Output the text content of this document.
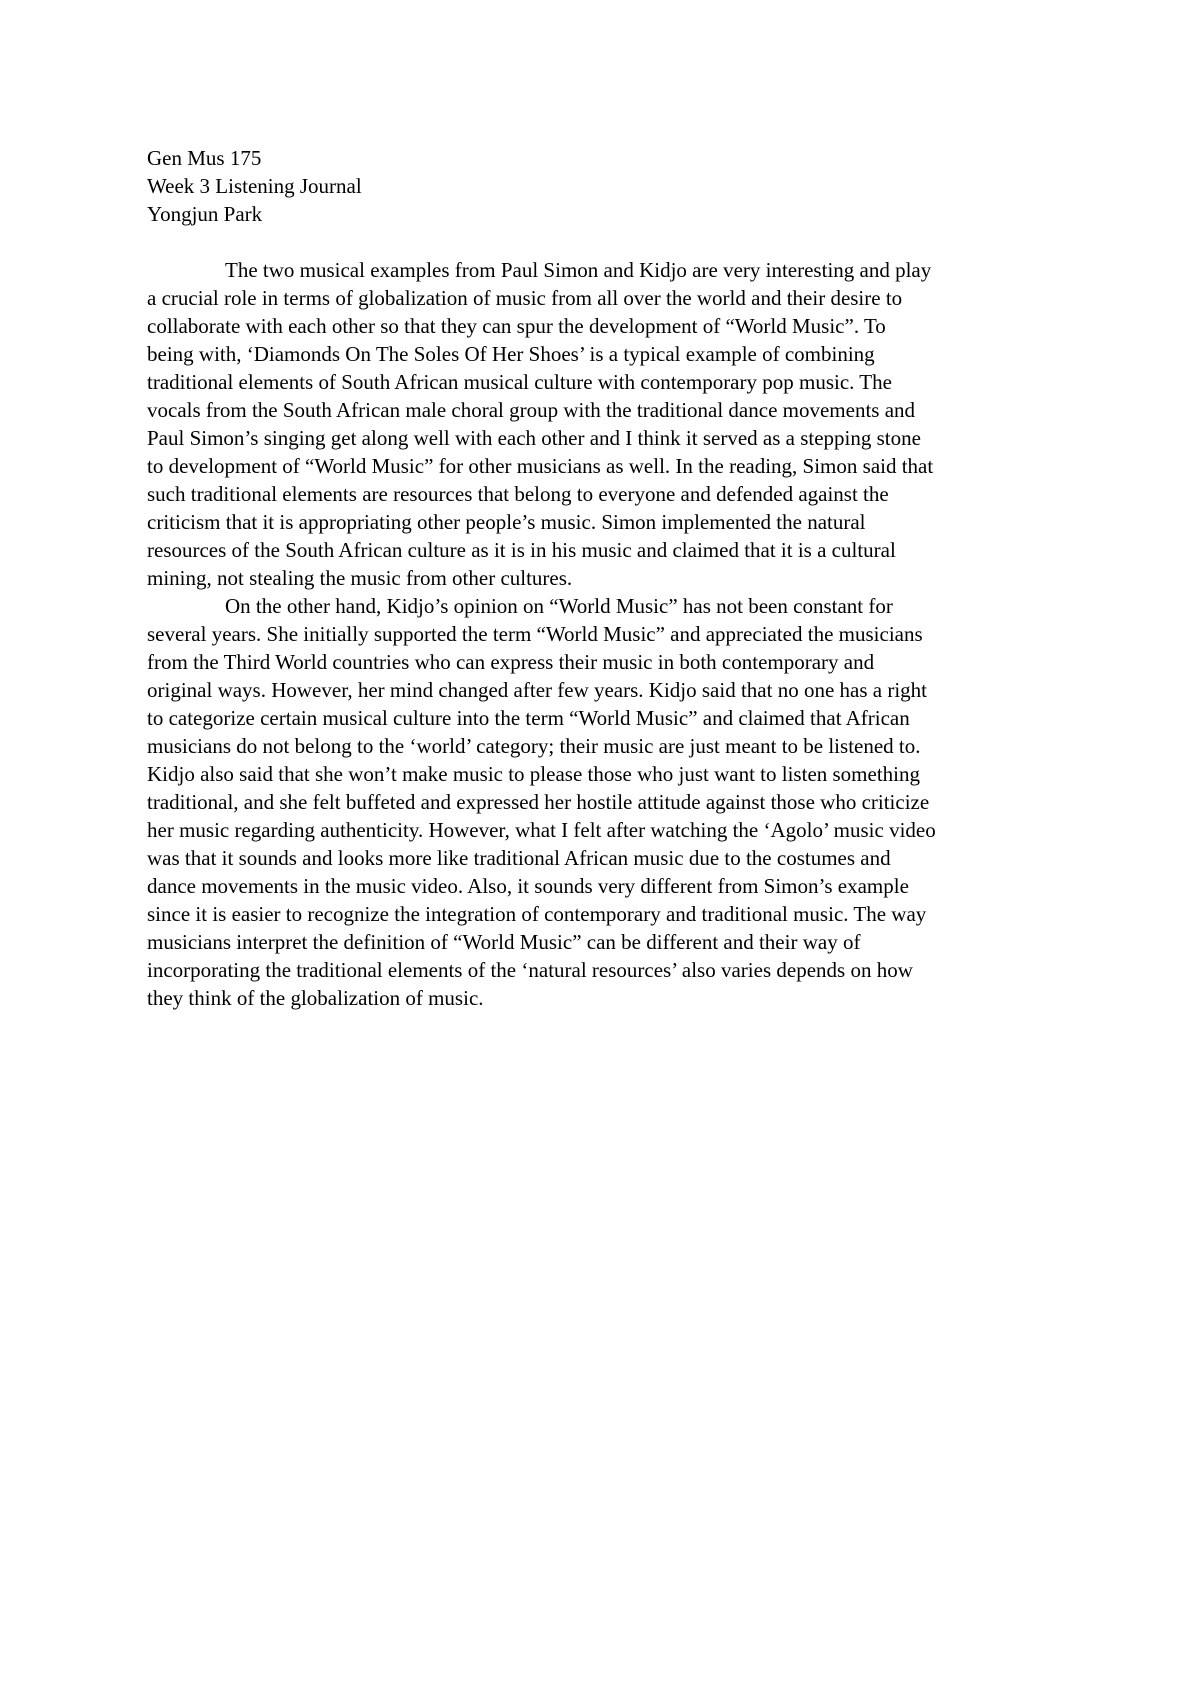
Gen Mus 175
Week 3 Listening Journal
Yongjun Park
The two musical examples from Paul Simon and Kidjo are very interesting and play
a crucial role in terms of globalization of music from all over the world and their desire to
collaborate with each other so that they can spur the development of “World Music”. To
being with, ‘Diamonds On The Soles Of Her Shoes’ is a typical example of combining
traditional elements of South African musical culture with contemporary pop music. The
vocals from the South African male choral group with the traditional dance movements and
Paul Simon’s singing get along well with each other and I think it served as a stepping stone
to development of “World Music” for other musicians as well. In the reading, Simon said that
such traditional elements are resources that belong to everyone and defended against the
criticism that it is appropriating other people’s music. Simon implemented the natural
resources of the South African culture as it is in his music and claimed that it is a cultural
mining, not stealing the music from other cultures.
On the other hand, Kidjo’s opinion on “World Music” has not been constant for
several years. She initially supported the term “World Music” and appreciated the musicians
from the Third World countries who can express their music in both contemporary and
original ways. However, her mind changed after few years. Kidjo said that no one has a right
to categorize certain musical culture into the term “World Music” and claimed that African
musicians do not belong to the ‘world’ category; their music are just meant to be listened to.
Kidjo also said that she won’t make music to please those who just want to listen something
traditional, and she felt buffeted and expressed her hostile attitude against those who criticize
her music regarding authenticity. However, what I felt after watching the ‘Agolo’ music video
was that it sounds and looks more like traditional African music due to the costumes and
dance movements in the music video. Also, it sounds very different from Simon’s example
since it is easier to recognize the integration of contemporary and traditional music. The way
musicians interpret the definition of “World Music” can be different and their way of
incorporating the traditional elements of the ‘natural resources’ also varies depends on how
they think of the globalization of music.
